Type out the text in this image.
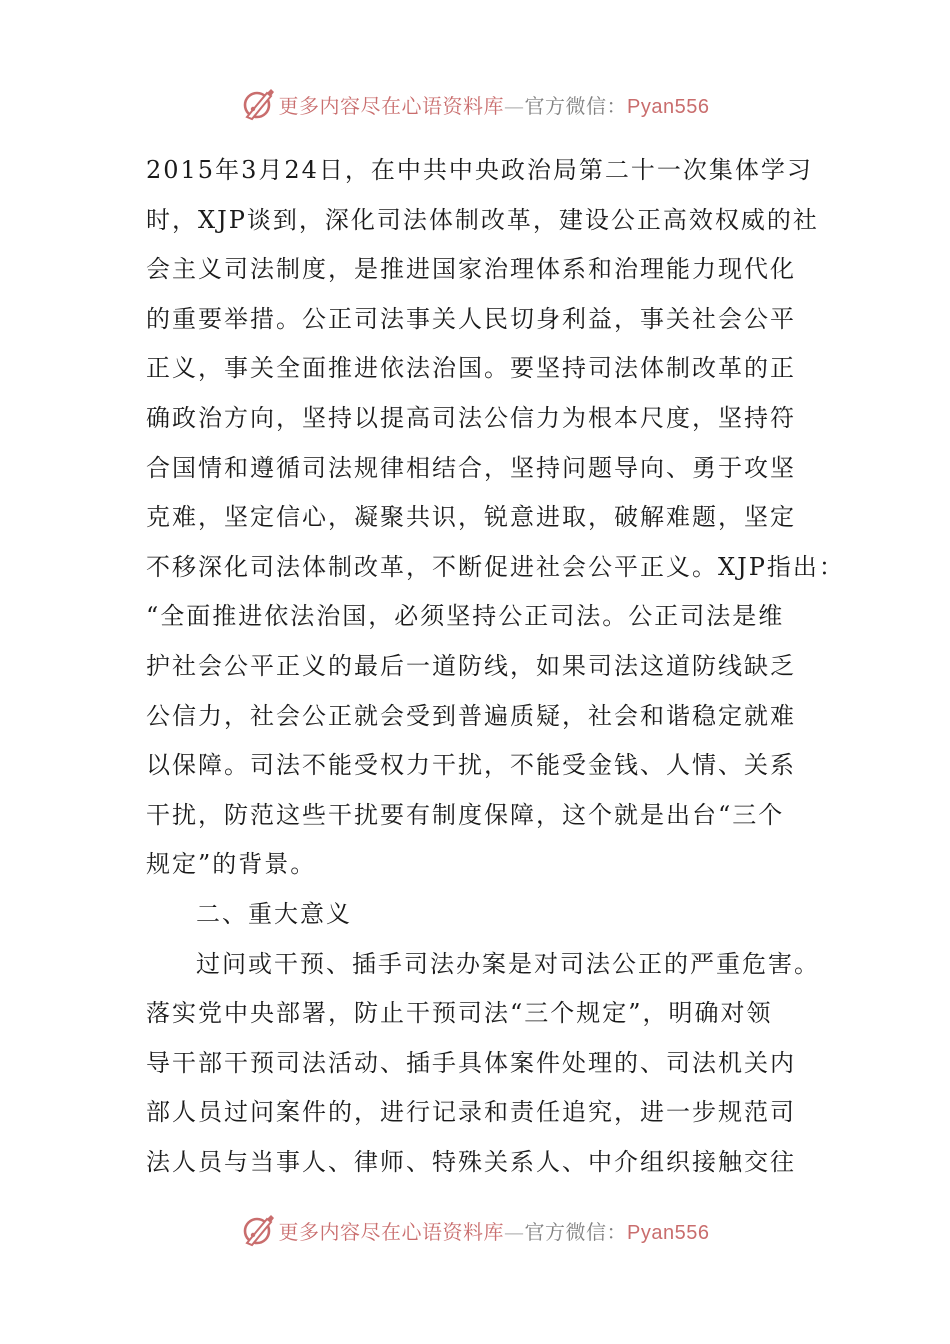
更多内容尽在心语资料库—官方微信：Pyan556
2015年3月24日，在中共中央政治局第二十一次集体学习
时，XJP谈到，深化司法体制改革，建设公正高效权威的社
会主义司法制度，是推进国家治理体系和治理能力现代化
的重要举措。公正司法事关人民切身利益，事关社会公平
正义，事关全面推进依法治国。要坚持司法体制改革的正
确政治方向，坚持以提高司法公信力为根本尺度，坚持符
合国情和遵循司法规律相结合，坚持问题导向、勇于攻坚
克难，坚定信心，凝聚共识，锐意进取，破解难题，坚定
不移深化司法体制改革，不断促进社会公平正义。XJP指出：
“全面推进依法治国，必须坚持公正司法。公正司法是维
护社会公平正义的最后一道防线，如果司法这道防线缺乏
公信力，社会公正就会受到普遍质疑，社会和谐稳定就难
以保障。司法不能受权力干扰，不能受金钱、人情、关系
干扰，防范这些干扰要有制度保障，这个就是出台“三个
规定”的背景。
二、重大意义
过问或干预、插手司法办案是对司法公正的严重危害。
落实党中央部署，防止干预司法“三个规定”，明确对领
导干部干预司法活动、插手具体案件处理的、司法机关内
部人员过问案件的，进行记录和责任追究，进一步规范司
法人员与当事人、律师、特殊关系人、中介组织接触交往
更多内容尽在心语资料库—官方微信：Pyan556
